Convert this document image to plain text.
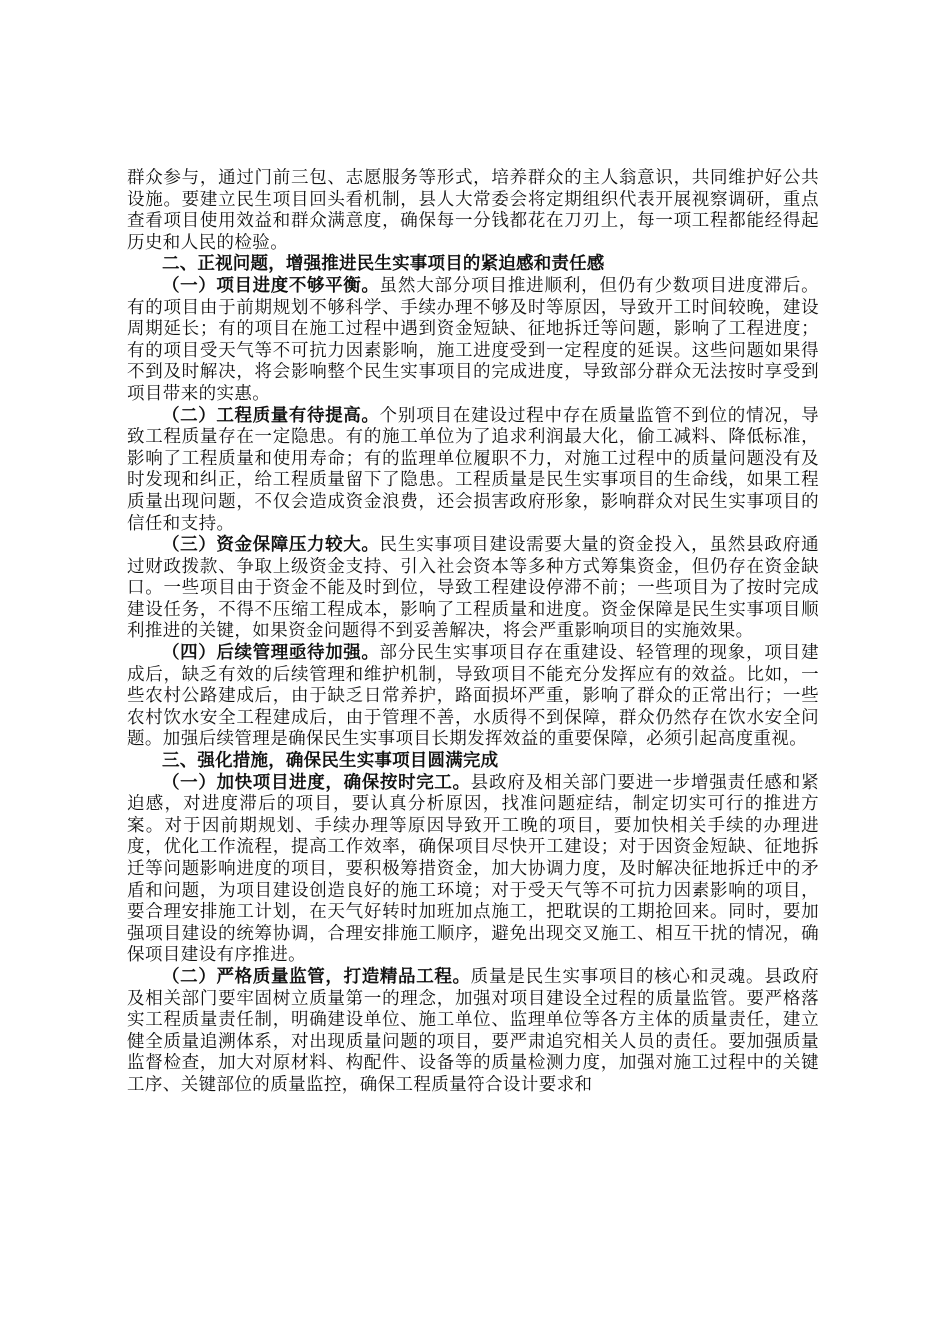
群众参与，通过门前三包、志愿服务等形式，培养群众的主人翁意识，共同维护好公共设施。要建立民生项目回头看机制，县人大常委会将定期组织代表开展视察调研，重点查看项目使用效益和群众满意度，确保每一分钱都花在刀刃上，每一项工程都能经得起历史和人民的检验。

二、正视问题，增强推进民生实事项目的紧迫感和责任感

（一）项目进度不够平衡。虽然大部分项目推进顺利，但仍有少数项目进度滞后。有的项目由于前期规划不够科学、手续办理不够及时等原因，导致开工时间较晚，建设周期延长；有的项目在施工过程中遇到资金短缺、征地拆迁等问题，影响了工程进度；有的项目受天气等不可抗力因素影响，施工进度受到一定程度的延误。这些问题如果得不到及时解决，将会影响整个民生实事项目的完成进度，导致部分群众无法按时享受到项目带来的实惠。

（二）工程质量有待提高。个别项目在建设过程中存在质量监管不到位的情况，导致工程质量存在一定隐患。有的施工单位为了追求利润最大化，偷工减料、降低标准，影响了工程质量和使用寿命；有的监理单位履职不力，对施工过程中的质量问题没有及时发现和纠正，给工程质量留下了隐患。工程质量是民生实事项目的生命线，如果工程质量出现问题，不仅会造成资金浪费，还会损害政府形象，影响群众对民生实事项目的信任和支持。

（三）资金保障压力较大。民生实事项目建设需要大量的资金投入，虽然县政府通过财政拨款、争取上级资金支持、引入社会资本等多种方式筹集资金，但仍存在资金缺口。一些项目由于资金不能及时到位，导致工程建设停滞不前；一些项目为了按时完成建设任务，不得不压缩工程成本，影响了工程质量和进度。资金保障是民生实事项目顺利推进的关键，如果资金问题得不到妥善解决，将会严重影响项目的实施效果。

（四）后续管理亟待加强。部分民生实事项目存在重建设、轻管理的现象，项目建成后，缺乏有效的后续管理和维护机制，导致项目不能充分发挥应有的效益。比如，一些农村公路建成后，由于缺乏日常养护，路面损坏严重，影响了群众的正常出行；一些农村饮水安全工程建成后，由于管理不善，水质得不到保障，群众仍然存在饮水安全问题。加强后续管理是确保民生实事项目长期发挥效益的重要保障，必须引起高度重视。

三、强化措施，确保民生实事项目圆满完成

（一）加快项目进度，确保按时完工。县政府及相关部门要进一步增强责任感和紧迫感，对进度滞后的项目，要认真分析原因，找准问题症结，制定切实可行的推进方案。对于因前期规划、手续办理等原因导致开工晚的项目，要加快相关手续的办理进度，优化工作流程，提高工作效率，确保项目尽快开工建设；对于因资金短缺、征地拆迁等问题影响进度的项目，要积极筹措资金，加大协调力度，及时解决征地拆迁中的矛盾和问题，为项目建设创造良好的施工环境；对于受天气等不可抗力因素影响的项目，要合理安排施工计划，在天气好转时加班加点施工，把耽误的工期抢回来。同时，要加强项目建设的统筹协调，合理安排施工顺序，避免出现交叉施工、相互干扰的情况，确保项目建设有序推进。

（二）严格质量监管，打造精品工程。质量是民生实事项目的核心和灵魂。县政府及相关部门要牢固树立质量第一的理念，加强对项目建设全过程的质量监管。要严格落实工程质量责任制，明确建设单位、施工单位、监理单位等各方主体的质量责任，建立健全质量追溯体系，对出现质量问题的项目，要严肃追究相关人员的责任。要加强质量监督检查，加大对原材料、构配件、设备等的质量检测力度，加强对施工过程中的关键工序、关键部位的质量监控，确保工程质量符合设计要求和
